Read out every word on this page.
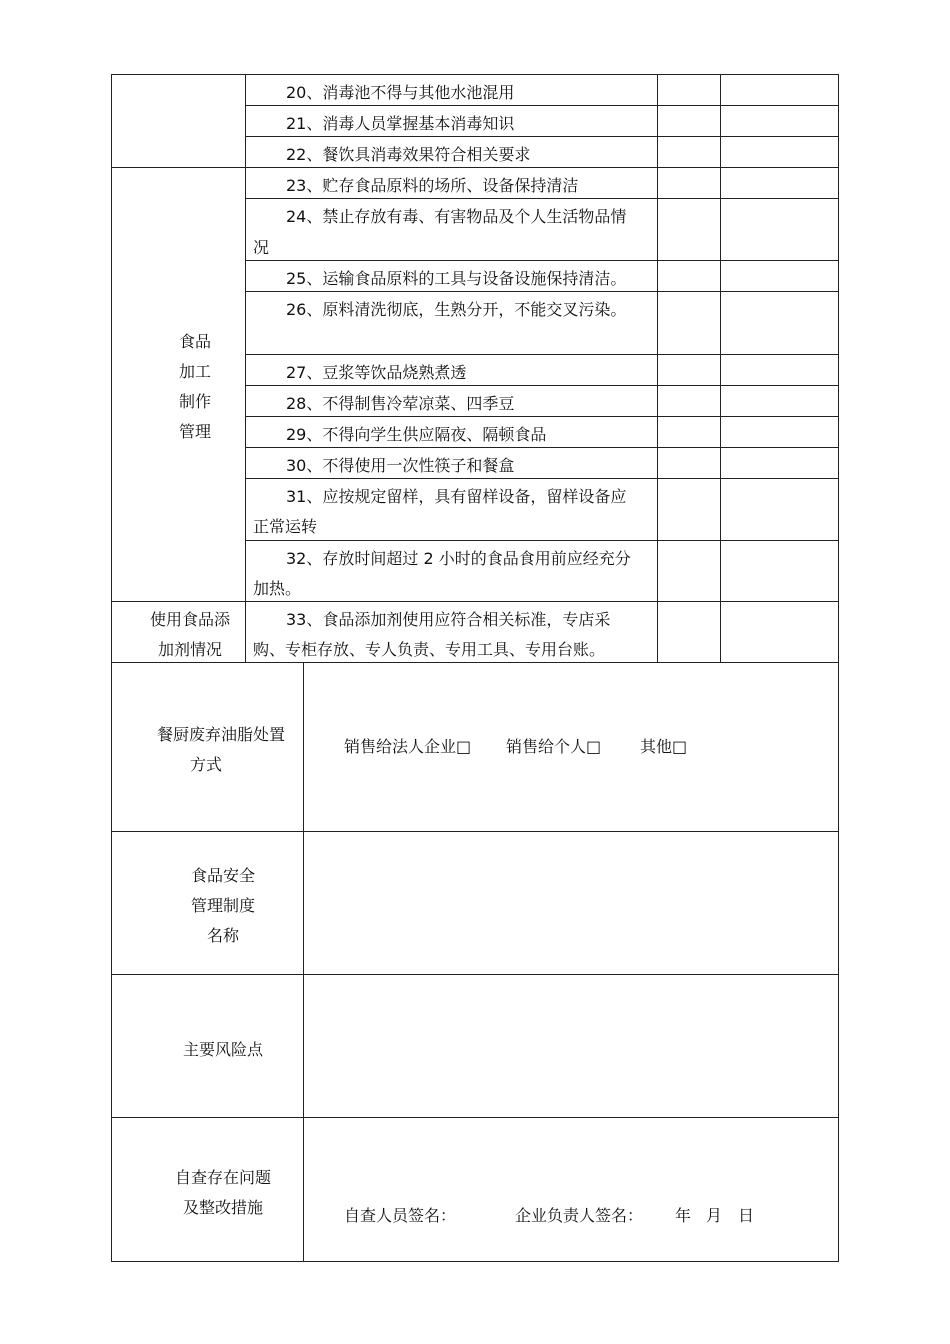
20、消毒池不得与其他水池混用
21、消毒人员掌握基本消毒知识
22、餐饮具消毒效果符合相关要求
23、贮存食品原料的场所、设备保持清洁
24、禁止存放有毒、有害物品及个人生活物品情
况
25、运输食品原料的工具与设备设施保持清洁。
26、原料清洗彻底，生熟分开，不能交叉污染。
27、豆浆等饮品烧熟煮透
28、不得制售冷荤凉菜、四季豆
29、不得向学生供应隔夜、隔顿食品
30、不得使用一次性筷子和餐盒
31、应按规定留样，具有留样设备，留样设备应
正常运转
32、存放时间超过 2 小时的食品食用前应经充分
加热。
33、食品添加剂使用应符合相关标准，专店采
购、专柜存放、专人负责、专用工具、专用台账。
食品
加工
制作
管理
使用食品添
加剂情况
餐厨废弃油脂处置
方式
销售给法人企业□ 销售给个人□ 其他□
食品安全
管理制度
名称
主要风险点
自查存在问题
及整改措施	自查人员签名：	企业负责人签名： 年 月 日
